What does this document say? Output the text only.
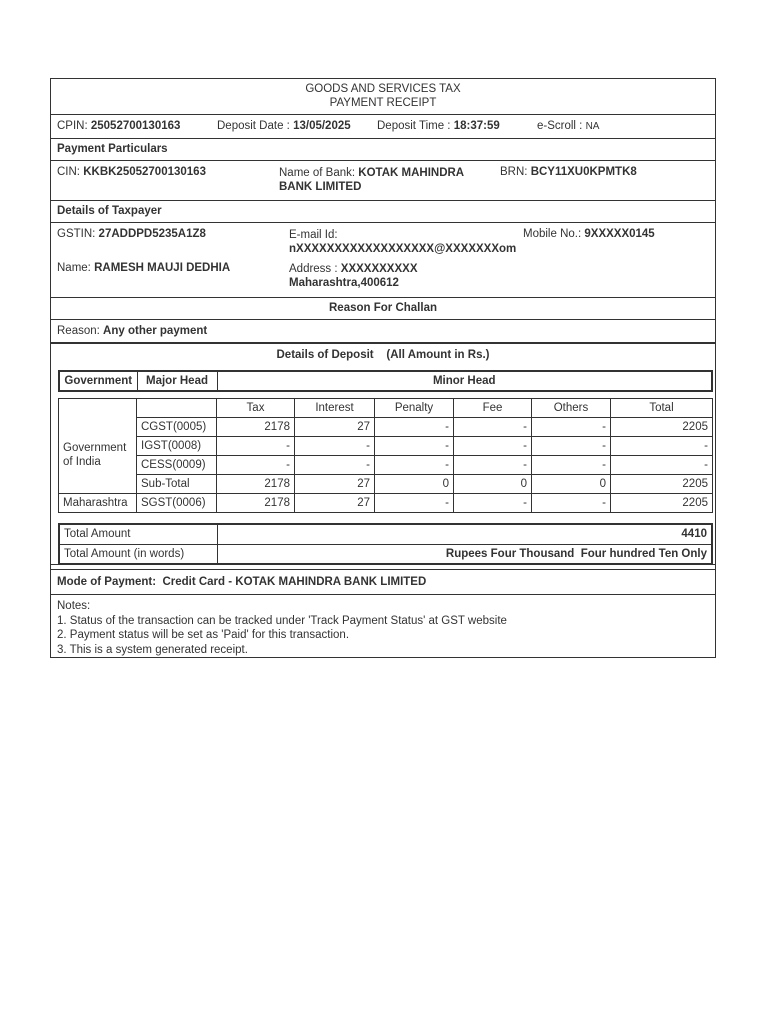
GOODS AND SERVICES TAX
PAYMENT RECEIPT
CPIN: 25052700130163	Deposit Date : 13/05/2025 Deposit Time : 18:37:59	e-Scroll : NA
Payment Particulars
CIN: KKBK25052700130163	Name of Bank: KOTAK MAHINDRA
BANK LIMITED
BRN: BCY11XU0KPMTK8
Details of Taxpayer
GSTIN: 27ADDPD5235A1Z8	E-mail Id:
nXXXXXXXXXXXXXXXXXX@XXXXXXXom
Mobile No.: 9XXXXX0145
Name: RAMESH MAUJI DEDHIA	Address : XXXXXXXXXX
Maharashtra,400612
Reason For Challan
Reason: Any other payment
Details of Deposit (All Amount in Rs.)
Government	Major Head	Minor Head
		Tax	Interest	Penalty	Fee	Others	Total

Government
of India	CGST(0005)	2178	27	-	-	-	2205
	IGST(0008)	-	-	-	-	-	-
	CESS(0009)	-	-	-	-	-	-
	Sub-Total	2178	27	0	0	0	2205
Maharashtra	SGST(0006)	2178	27	-	-	-	2205
Total Amount	4410
Total Amount (in words)	Rupees Four Thousand  Four hundred Ten Only
Mode of Payment: Credit Card - KOTAK MAHINDRA BANK LIMITED
Notes:
1. Status of the transaction can be tracked under 'Track Payment Status' at GST website
2. Payment status will be set as 'Paid' for this transaction.
3. This is a system generated receipt.
